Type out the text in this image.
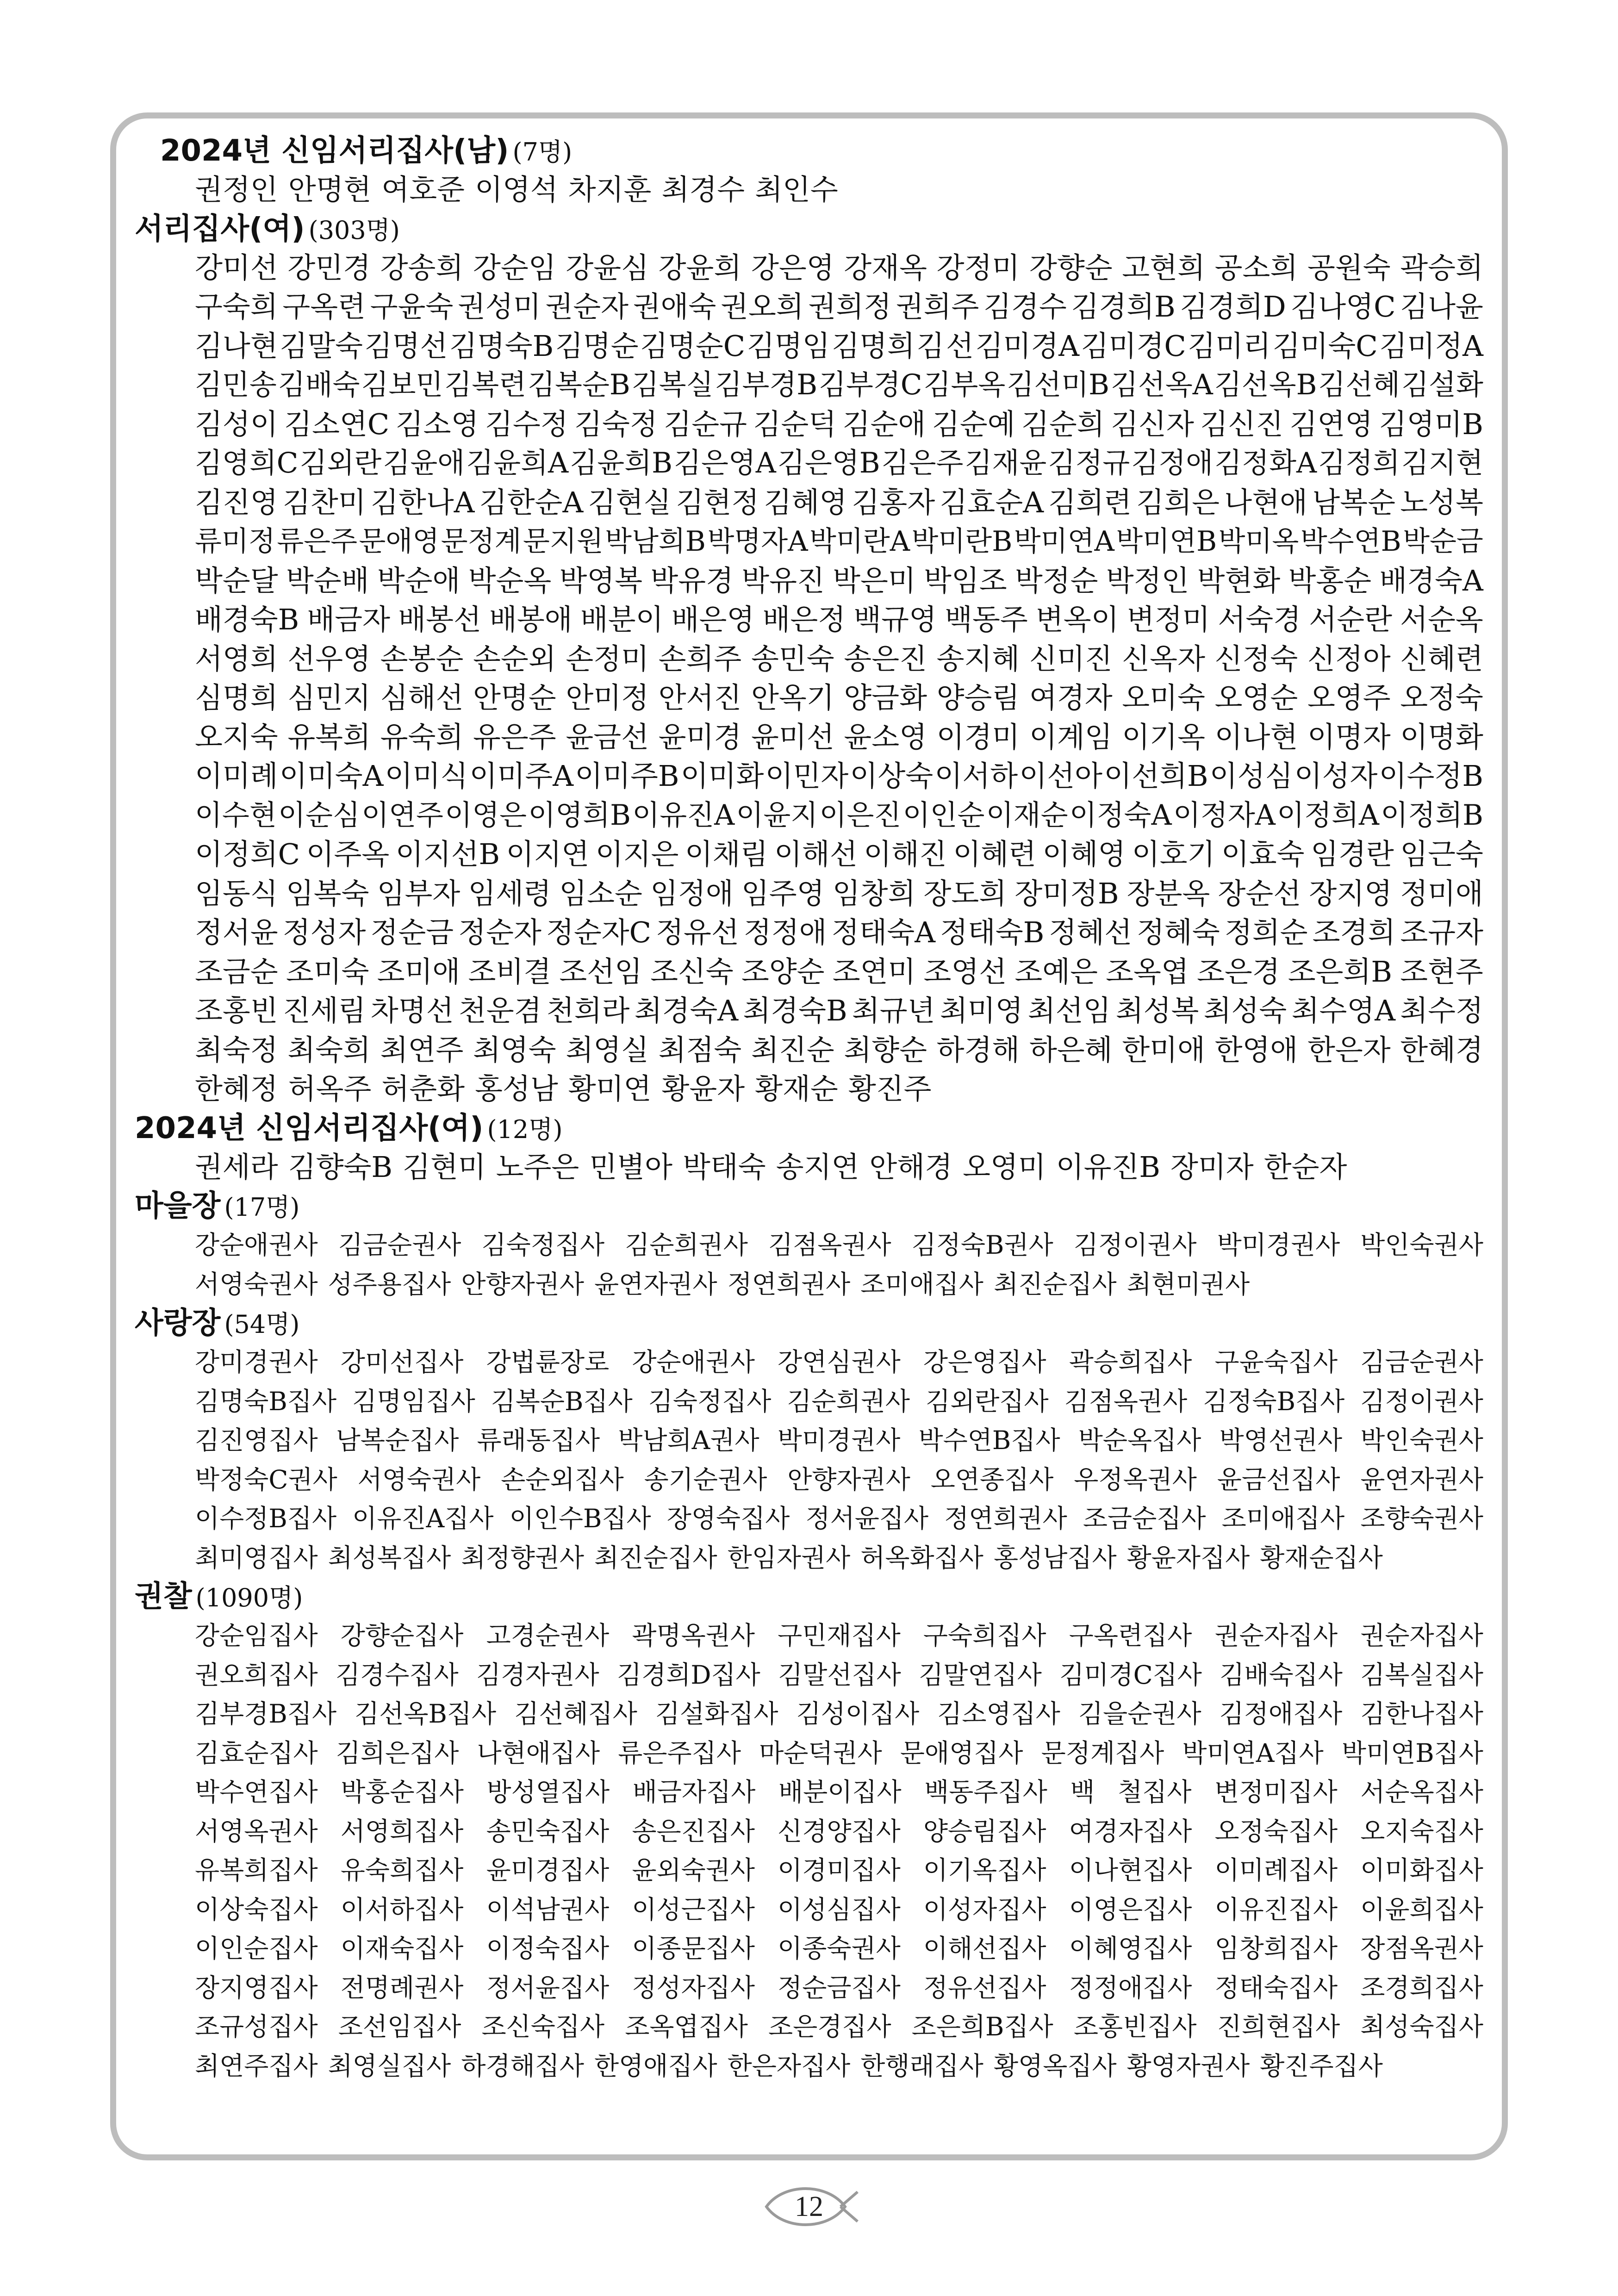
2024년 신임서리집사(남) (7명)
권정인 안명현 여호준 이영석 차지훈 최경수 최인수
서리집사(여) (303명)
강미선 강민경 강송희 강순임 강윤심 강윤희 강은영 강재옥 강정미 강향순 고현희 공소희 공원숙 곽승희
구숙희 구옥련 구윤숙 권성미 권순자 권애숙 권오희 권희정 권희주 김경수 김경희B 김경희D 김나영C 김나윤
김나현 김말숙 김명선 김명숙B 김명순 김명순C 김명임 김명희 김 선 김미경A 김미경C 김미리 김미숙C 김미정A
김민송 김배숙 김보민 김복련 김복순B 김복실 김부경B 김부경C 김부옥 김선미B 김선옥A 김선옥B 김선혜 김설화
김성이 김소연C 김소영 김수정 김숙정 김순규 김순덕 김순애 김순예 김순희 김신자 김신진 김연영 김영미B
김영희C 김외란 김윤애 김윤희A 김윤희B 김은영A 김은영B 김은주 김재윤 김정규 김정애 김정화A 김정희 김지현
김진영 김찬미 김한나A 김한순A 김현실 김현정 김혜영 김홍자 김효순A 김희련 김희은 나현애 남복순 노성복
류미정 류은주 문애영 문정계 문지원 박남희B 박명자A 박미란A 박미란B 박미연A 박미연B 박미옥 박수연B 박순금
박순달 박순배 박순애 박순옥 박영복 박유경 박유진 박은미 박임조 박정순 박정인 박현화 박홍순 배경숙A
배경숙B 배금자 배봉선 배봉애 배분이 배은영 배은정 백규영 백동주 변옥이 변정미 서숙경 서순란 서순옥
서영희 선우영 손봉순 손순외 손정미 손희주 송민숙 송은진 송지혜 신미진 신옥자 신정숙 신정아 신혜련
심명희 심민지 심해선 안명순 안미정 안서진 안옥기 양금화 양승림 여경자 오미숙 오영순 오영주 오정숙
오지숙 유복희 유숙희 유은주 윤금선 윤미경 윤미선 윤소영 이경미 이계임 이기옥 이나현 이명자 이명화
이미례 이미숙A 이미식 이미주A 이미주B 이미화 이민자 이상숙 이서하 이선아 이선희B 이성심 이성자 이수정B
이수현 이순심 이연주 이영은 이영희B 이유진A 이윤지 이은진 이인순 이재순 이정숙A 이정자A 이정희A 이정희B
이정희C 이주옥 이지선B 이지연 이지은 이채림 이해선 이해진 이혜련 이혜영 이호기 이효숙 임경란 임근숙
임동식 임복숙 임부자 임세령 임소순 임정애 임주영 임창희 장도희 장미정B 장분옥 장순선 장지영 정미애
정서윤 정성자 정순금 정순자 정순자C 정유선 정정애 정태숙A 정태숙B 정혜선 정혜숙 정희순 조경희 조규자
조금순 조미숙 조미애 조비결 조선임 조신숙 조양순 조연미 조영선 조예은 조옥엽 조은경 조은희B 조현주
조홍빈 진세림 차명선 천운겸 천희라 최경숙A 최경숙B 최규년 최미영 최선임 최성복 최성숙 최수영A 최수정
최숙정 최숙희 최연주 최영숙 최영실 최점숙 최진순 최향순 하경해 하은혜 한미애 한영애 한은자 한혜경
한혜정 허옥주 허춘화 홍성남 황미연 황윤자 황재순 황진주
2024년 신임서리집사(여) (12명)
권세라 김향숙B 김현미 노주은 민별아 박태숙 송지연 안해경 오영미 이유진B 장미자 한순자
마을장 (17명)
강순애권사 김금순권사 김숙정집사 김순희권사 김점옥권사 김정숙B권사 김정이권사 박미경권사 박인숙권사
서영숙권사 성주용집사 안향자권사 윤연자권사 정연희권사 조미애집사 최진순집사 최현미권사
사랑장 (54명)
강미경권사 강미선집사 강법륜장로 강순애권사 강연심권사 강은영집사 곽승희집사 구윤숙집사 김금순권사
김명숙B집사 김명임집사 김복순B집사 김숙정집사 김순희권사 김외란집사 김점옥권사 김정숙B집사 김정이권사
김진영집사 남복순집사 류래동집사 박남희A권사 박미경권사 박수연B집사 박순옥집사 박영선권사 박인숙권사
박정숙C권사 서영숙권사 손순외집사 송기순권사 안향자권사 오연종집사 우정옥권사 윤금선집사 윤연자권사
이수정B집사 이유진A집사 이인수B집사 장영숙집사 정서윤집사 정연희권사 조금순집사 조미애집사 조향숙권사
최미영집사 최성복집사 최정향권사 최진순집사 한임자권사 허옥화집사 홍성남집사 황윤자집사 황재순집사
권찰 (1090명)
강순임집사 강향순집사 고경순권사 곽명옥권사 구민재집사 구숙희집사 구옥련집사 권순자집사 권순자집사
권오희집사 김경수집사 김경자권사 김경희D집사 김말선집사 김말연집사 김미경C집사 김배숙집사 김복실집사
김부경B집사 김선옥B집사 김선혜집사 김설화집사 김성이집사 김소영집사 김을순권사 김정애집사 김한나집사
김효순집사 김희은집사 나현애집사 류은주집사 마순덕권사 문애영집사 문정계집사 박미연A집사 박미연B집사
박수연집사 박홍순집사 방성열집사 배금자집사 배분이집사 백동주집사 백 철집사 변정미집사 서순옥집사
서영옥권사 서영희집사 송민숙집사 송은진집사 신경양집사 양승림집사 여경자집사 오정숙집사 오지숙집사
유복희집사 유숙희집사 윤미경집사 윤외숙권사 이경미집사 이기옥집사 이나현집사 이미례집사 이미화집사
이상숙집사 이서하집사 이석남권사 이성근집사 이성심집사 이성자집사 이영은집사 이유진집사 이윤희집사
이인순집사 이재숙집사 이정숙집사 이종문집사 이종숙권사 이해선집사 이혜영집사 임창희집사 장점옥권사
장지영집사 전명례권사 정서윤집사 정성자집사 정순금집사 정유선집사 정정애집사 정태숙집사 조경희집사
조규성집사 조선임집사 조신숙집사 조옥엽집사 조은경집사 조은희B집사 조홍빈집사 진희현집사 최성숙집사
최연주집사 최영실집사 하경해집사 한영애집사 한은자집사 한행래집사 황영옥집사 황영자권사 황진주집사
12
